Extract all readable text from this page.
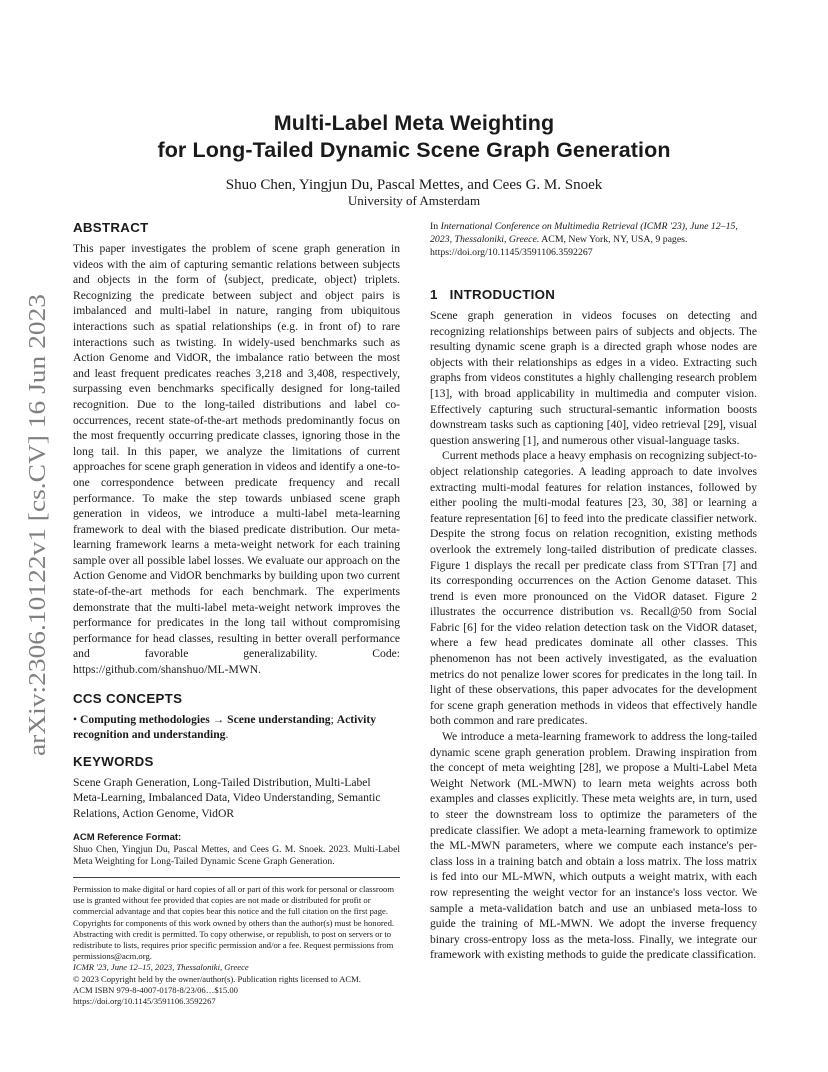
arXiv:2306.10122v1 [cs.CV] 16 Jun 2023
Multi-Label Meta Weighting
for Long-Tailed Dynamic Scene Graph Generation
Shuo Chen, Yingjun Du, Pascal Mettes, and Cees G. M. Snoek
University of Amsterdam
ABSTRACT

This paper investigates the problem of scene graph generation in videos with the aim of capturing semantic relations between subjects and objects in the form of ⟨subject, predicate, object⟩ triplets. Recognizing the predicate between subject and object pairs is imbalanced and multi-label in nature, ranging from ubiquitous interactions such as spatial relationships (e.g. in front of) to rare interactions such as twisting. In widely-used benchmarks such as Action Genome and VidOR, the imbalance ratio between the most and least frequent predicates reaches 3,218 and 3,408, respectively, surpassing even benchmarks specifically designed for long-tailed recognition. Due to the long-tailed distributions and label co-occurrences, recent state-of-the-art methods predominantly focus on the most frequently occurring predicate classes, ignoring those in the long tail. In this paper, we analyze the limitations of current approaches for scene graph generation in videos and identify a one-to-one correspondence between predicate frequency and recall performance. To make the step towards unbiased scene graph generation in videos, we introduce a multi-label meta-learning framework to deal with the biased predicate distribution. Our meta-learning framework learns a meta-weight network for each training sample over all possible label losses. We evaluate our approach on the Action Genome and VidOR benchmarks by building upon two current state-of-the-art methods for each benchmark. The experiments demonstrate that the multi-label meta-weight network improves the performance for predicates in the long tail without compromising performance for head classes, resulting in better overall performance and favorable generalizability. Code: https://github.com/shanshuo/ML-MWN.

CCS CONCEPTS

• Computing methodologies → Scene understanding; Activity recognition and understanding.

KEYWORDS

Scene Graph Generation, Long-Tailed Distribution, Multi-Label Meta-Learning, Imbalanced Data, Video Understanding, Semantic Relations, Action Genome, VidOR

ACM Reference Format:

Shuo Chen, Yingjun Du, Pascal Mettes, and Cees G. M. Snoek. 2023. Multi-Label Meta Weighting for Long-Tailed Dynamic Scene Graph Generation.

Permission to make digital or hard copies of all or part of this work for personal or classroom use is granted without fee provided that copies are not made or distributed for profit or commercial advantage and that copies bear this notice and the full citation on the first page. Copyrights for components of this work owned by others than the author(s) must be honored. Abstracting with credit is permitted. To copy otherwise, or republish, to post on servers or to redistribute to lists, requires prior specific permission and/or a fee. Request permissions from permissions@acm.org.

ICMR '23, June 12–15, 2023, Thessaloniki, Greece

© 2023 Copyright held by the owner/author(s). Publication rights licensed to ACM.

ACM ISBN 979-8-4007-0178-8/23/06…$15.00

https://doi.org/10.1145/3591106.3592267

In International Conference on Multimedia Retrieval (ICMR '23), June 12–15, 2023, Thessaloniki, Greece. ACM, New York, NY, USA, 9 pages. https://doi.org/10.1145/3591106.3592267

1   INTRODUCTION

Scene graph generation in videos focuses on detecting and recognizing relationships between pairs of subjects and objects. The resulting dynamic scene graph is a directed graph whose nodes are objects with their relationships as edges in a video. Extracting such graphs from videos constitutes a highly challenging research problem [13], with broad applicability in multimedia and computer vision. Effectively capturing such structural-semantic information boosts downstream tasks such as captioning [40], video retrieval [29], visual question answering [1], and numerous other visual-language tasks.

Current methods place a heavy emphasis on recognizing subject-to-object relationship categories. A leading approach to date involves extracting multi-modal features for relation instances, followed by either pooling the multi-modal features [23, 30, 38] or learning a feature representation [6] to feed into the predicate classifier network. Despite the strong focus on relation recognition, existing methods overlook the extremely long-tailed distribution of predicate classes. Figure 1 displays the recall per predicate class from STTran [7] and its corresponding occurrences on the Action Genome dataset. This trend is even more pronounced on the VidOR dataset. Figure 2 illustrates the occurrence distribution vs. Recall@50 from Social Fabric [6] for the video relation detection task on the VidOR dataset, where a few head predicates dominate all other classes. This phenomenon has not been actively investigated, as the evaluation metrics do not penalize lower scores for predicates in the long tail. In light of these observations, this paper advocates for the development for scene graph generation methods in videos that effectively handle both common and rare predicates.

We introduce a meta-learning framework to address the long-tailed dynamic scene graph generation problem. Drawing inspiration from the concept of meta weighting [28], we propose a Multi-Label Meta Weight Network (ML-MWN) to learn meta weights across both examples and classes explicitly. These meta weights are, in turn, used to steer the downstream loss to optimize the parameters of the predicate classifier. We adopt a meta-learning framework to optimize the ML-MWN parameters, where we compute each instance's per-class loss in a training batch and obtain a loss matrix. The loss matrix is fed into our ML-MWN, which outputs a weight matrix, with each row representing the weight vector for an instance's loss vector. We sample a meta-validation batch and use an unbiased meta-loss to guide the training of ML-MWN. We adopt the inverse frequency binary cross-entropy loss as the meta-loss. Finally, we integrate our framework with existing methods to guide the predicate classification.
